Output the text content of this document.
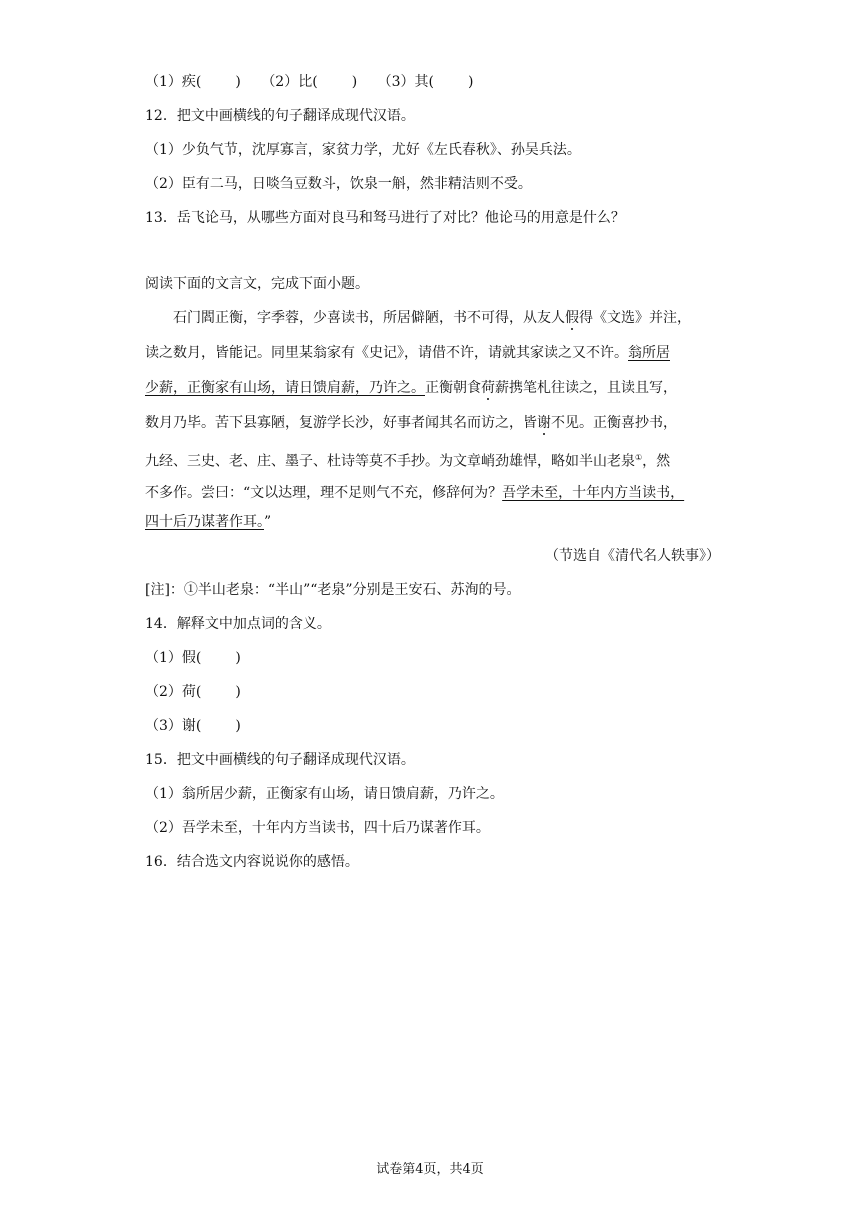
（1）疾( ) （2）比( ) （3）其( )
12．把文中画横线的句子翻译成现代汉语。
（1）少负气节，沈厚寡言，家贫力学，尤好《左氏春秋》、孙吴兵法。
（2）臣有二马，日啖刍豆数斗，饮泉一斛，然非精洁则不受。
13．岳飞论马，从哪些方面对良马和驽马进行了对比？他论马的用意是什么？
阅读下面的文言文，完成下面小题。
石门閻正衡，字季蓉，少喜读书，所居僻陋，书不可得，从友人假得《文选》并注，
读之数月，皆能记。同里某翁家有《史记》，请借不许，请就其家读之又不许。翁所居
少薪，正衡家有山场，请日馈肩薪，乃许之。正衡朝食荷薪携笔札往读之，且读且写，
数月乃毕。苦下县寡陋，复游学长沙，好事者闻其名而访之，皆谢不见。正衡喜抄书，
九经、三史、老、庄、墨子、杜诗等莫不手抄。为文章峭劲雄悍，略如半山老泉①，然
不多作。尝曰：“文以达理，理不足则气不充，修辞何为？吾学未至，十年内方当读书，
四十后乃谋著作耳。”
（节选自《清代名人轶事》）
[注]：①半山老泉：“半山”“老泉”分别是王安石、苏洵的号。
14．解释文中加点词的含义。
（1）假( )
（2）荷( )
（3）谢( )
15．把文中画横线的句子翻译成现代汉语。
（1）翁所居少薪，正衡家有山场，请日馈肩薪，乃许之。
（2）吾学未至，十年内方当读书，四十后乃谋著作耳。
16．结合选文内容说说你的感悟。
试卷第4页，共4页
